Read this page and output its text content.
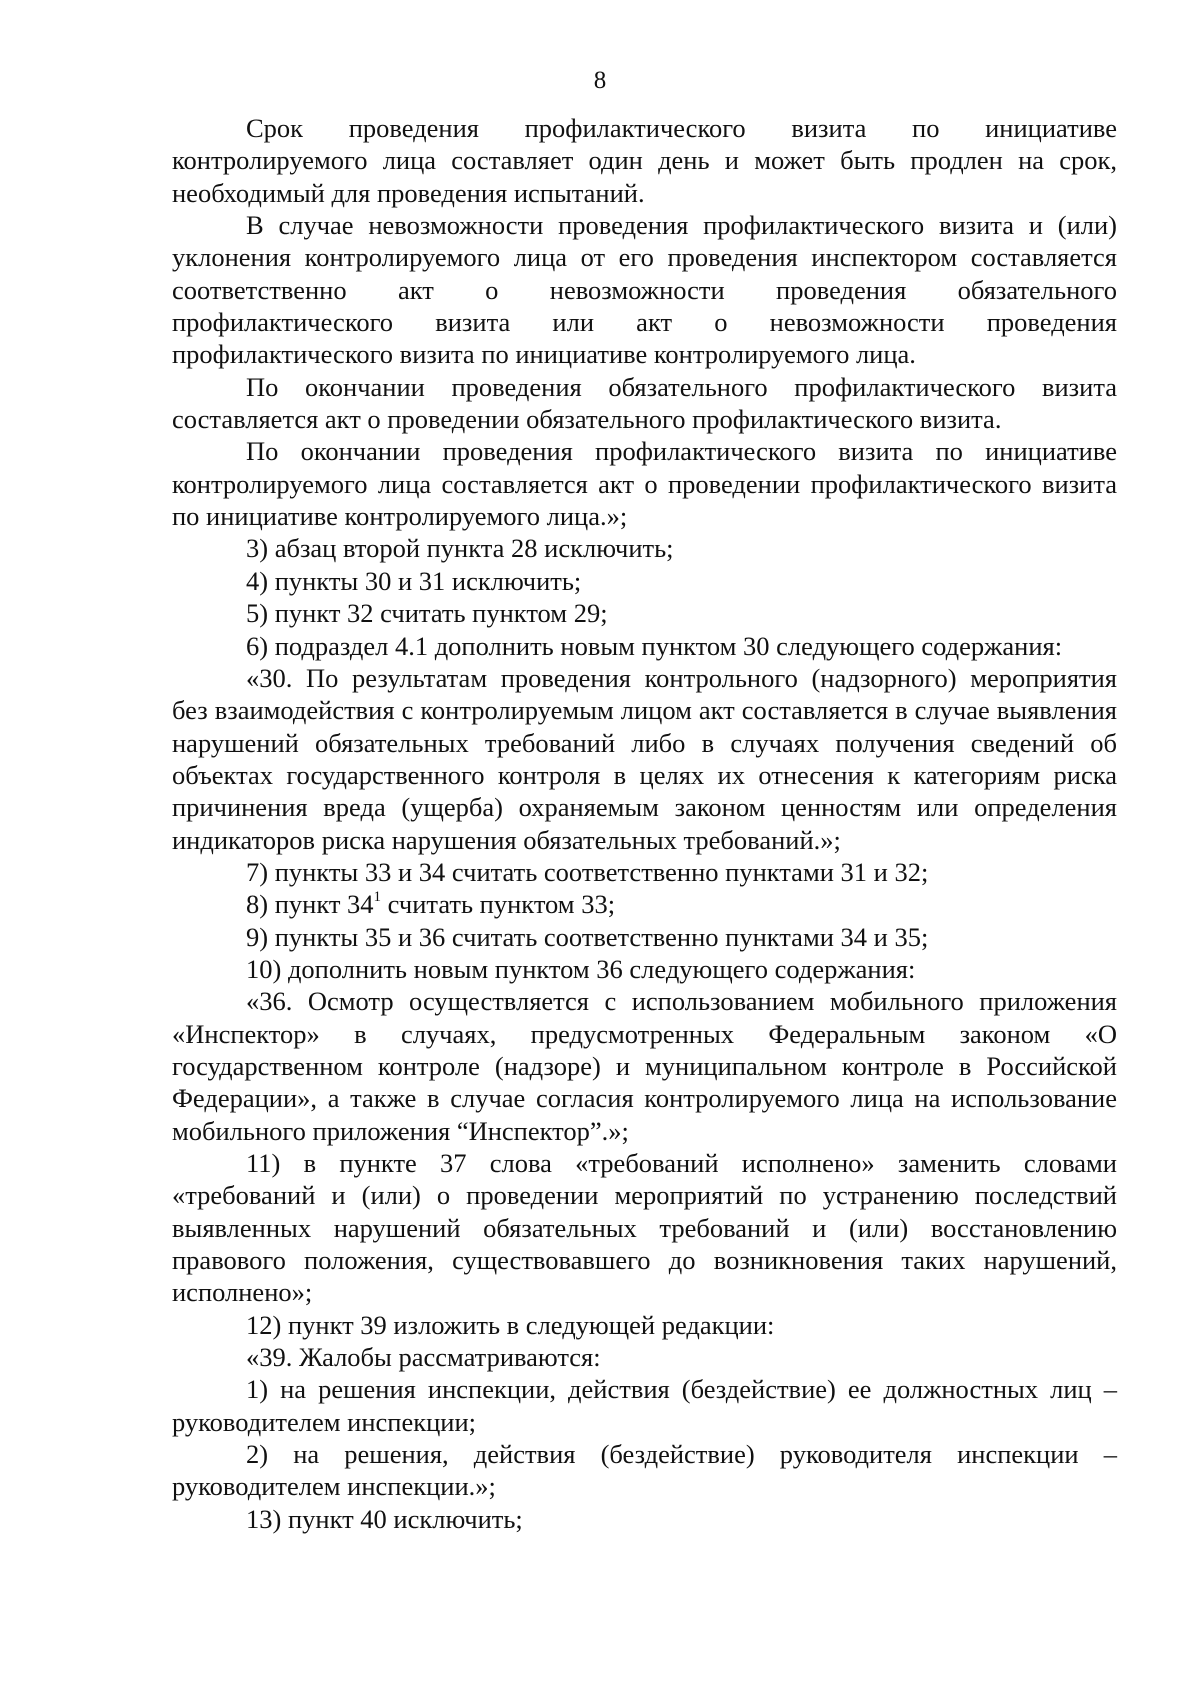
8

Срок проведения профилактического визита по инициативе контролируемого лица составляет один день и может быть продлен на срок, необходимый для проведения испытаний.

В случае невозможности проведения профилактического визита и (или) уклонения контролируемого лица от его проведения инспектором составляется соответственно акт о невозможности проведения обязательного профилактического визита или акт о невозможности проведения профилактического визита по инициативе контролируемого лица.

По окончании проведения обязательного профилактического визита составляется акт о проведении обязательного профилактического визита.

По окончании проведения профилактического визита по инициативе контролируемого лица составляется акт о проведении профилактического визита по инициативе контролируемого лица.»;

3) абзац второй пункта 28 исключить;

4) пункты 30 и 31 исключить;

5) пункт 32 считать пунктом 29;

6) подраздел 4.1 дополнить новым пунктом 30 следующего содержания:

«30. По результатам проведения контрольного (надзорного) мероприятия без взаимодействия с контролируемым лицом акт составляется в случае выявления нарушений обязательных требований либо в случаях получения сведений об объектах государственного контроля в целях их отнесения к категориям риска причинения вреда (ущерба) охраняемым законом ценностям или определения индикаторов риска нарушения обязательных требований.»;

7) пункты 33 и 34 считать соответственно пунктами 31 и 32;

8) пункт $34^1$ считать пунктом 33;

9) пункты 35 и 36 считать соответственно пунктами 34 и 35;

10) дополнить новым пунктом 36 следующего содержания:

«36. Осмотр осуществляется с использованием мобильного приложения «Инспектор» в случаях, предусмотренных Федеральным законом «О государственном контроле (надзоре) и муниципальном контроле в Российской Федерации», а также в случае согласия контролируемого лица на использование мобильного приложения “Инспектор”.»;

11) в пункте 37 слова «требований исполнено» заменить словами «требований и (или) о проведении мероприятий по устранению последствий выявленных нарушений обязательных требований и (или) восстановлению правового положения, существовавшего до возникновения таких нарушений, исполнено»;

12) пункт 39 изложить в следующей редакции:

«39. Жалобы рассматриваются:

1) на решения инспекции, действия (бездействие) ее должностных лиц – руководителем инспекции;

2) на решения, действия (бездействие) руководителя инспекции – руководителем инспекции.»;

13) пункт 40 исключить;
